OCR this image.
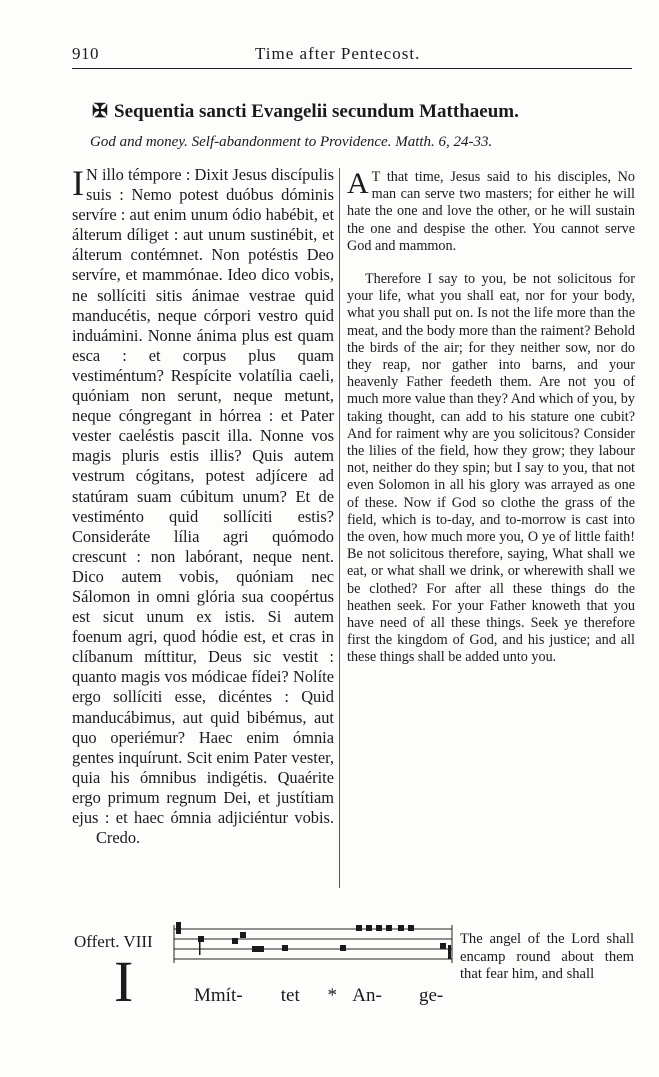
910	Time after Pentecost.
✠ Sequentia sancti Evangelii secundum Matthaeum.
God and money. Self-abandonment to Providence. Matth. 6, 24-33.

I N illo témpore : Dixit Jesus discípulis suis : Nemo potest duóbus dóminis servíre : aut enim unum ódio habébit, et álterum díliget : aut unum sustinébit, et álterum contémnet. Non potéstis Deo servíre, et mammónae. Ideo dico vobis, ne sollíciti sitis ánimae vestrae quid manducétis, neque córpori vestro quid induámini. Nonne ánima plus est quam esca : et corpus plus quam vestiméntum? Respícite volatília caeli, quóniam non serunt, neque metunt, neque cóngregant in hórrea : et Pater vester caeléstis pascit illa. Nonne vos magis pluris estis illis? Quis autem vestrum cógitans, potest adjícere ad statúram suam cúbitum unum? Et de vestiménto quid sollíciti estis? Consideráte lília agri quómodo crescunt : non labórant, neque nent. Dico autem vobis, quóniam nec Sálomon in omni glória sua coopértus est sicut unum ex istis. Si autem foenum agri, quod hódie est, et cras in clíbanum míttitur, Deus sic vestit : quanto magis vos módicae fídei? Nolíte ergo sollíciti esse, dicéntes : Quid manducábimus, aut quid bibémus, aut quo operiémur? Haec enim ómnia gentes inquírunt. Scit enim Pater vester, quia his ómnibus indigétis. Quaérite ergo primum regnum Dei, et justítiam ejus : et haec ómnia adjiciéntur vobis. Credo.

A T that time, Jesus said to his disciples, No man can serve two masters; for either he will hate the one and love the other, or he will sustain the one and despise the other. You cannot serve God and mammon.

Therefore I say to you, be not solicitous for your life, what you shall eat, nor for your body, what you shall put on. Is not the life more than the meat, and the body more than the raiment? Behold the birds of the air; for they neither sow, nor do they reap, nor gather into barns, and your heavenly Father feedeth them. Are not you of much more value than they? And which of you, by taking thought, can add to his stature one cubit? And for raiment why are you solicitous? Consider the lilies of the field, how they grow; they labour not, neither do they spin; but I say to you, that not even Solomon in all his glory was arrayed as one of these. Now if God so clothe the grass of the field, which is to-day, and to-morrow is cast into the oven, how much more you, O ye of little faith! Be not solicitous therefore, saying, What shall we eat, or what shall we drink, or wherewith shall we be clothed? For after all these things do the heathen seek. For your Father knoweth that you have need of all these things. Seek ye therefore first the kingdom of God, and his justice; and all these things shall be added unto you.

Offert. VIII
I	Mmít- tet * An- ge-
The angel of the Lord shall encamp round about them that fear him, and shall
